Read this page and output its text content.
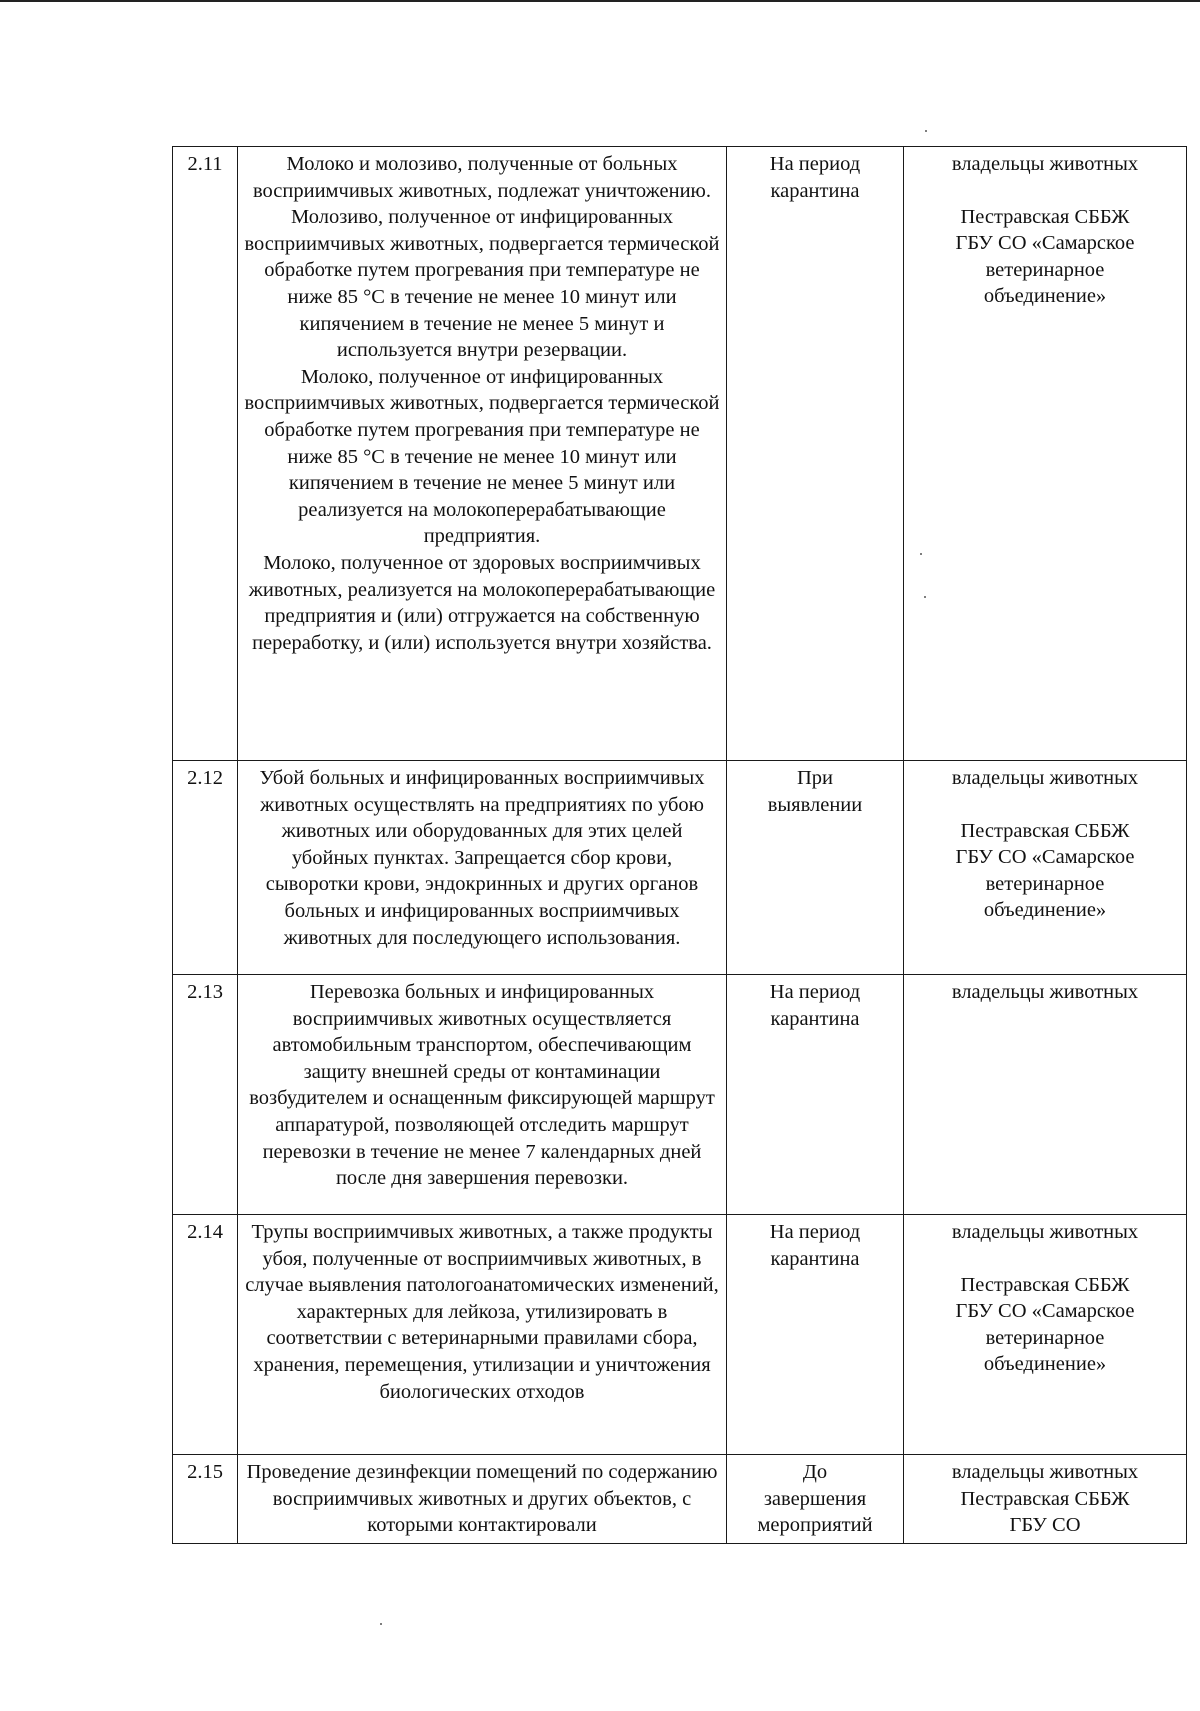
2.11	Молоко и молозиво, полученные от больных восприимчивых животных, подлежат уничтожению. Молозиво, полученное от инфицированных восприимчивых животных, подвергается термической обработке путем прогревания при температуре не ниже 85 °С в течение не менее 10 минут или кипячением в течение не менее 5 минут и используется внутри резервации.
Молоко, полученное от инфицированных восприимчивых животных, подвергается термической обработке путем прогревания при температуре не ниже 85 °С в течение не менее 10 минут или кипячением в течение не менее 5 минут или реализуется на молокоперерабатывающие предприятия.
Молоко, полученное от здоровых восприимчивых животных, реализуется на молокоперерабатывающие предприятия и (или) отгружается на собственную переработку, и (или) используется внутри хозяйства.	На период карантина	владельцы животных
Пестравская СББЖ ГБУ СО «Самарское ветеринарное объединение»

2.12	Убой больных и инфицированных восприимчивых животных осуществлять на предприятиях по убою животных или оборудованных для этих целей убойных пунктах. Запрещается сбор крови, сыворотки крови, эндокринных и других органов больных и инфицированных восприимчивых животных для последующего использования.	При выявлении	владельцы животных
Пестравская СББЖ ГБУ СО «Самарское ветеринарное объединение»

2.13	Перевозка больных и инфицированных восприимчивых животных осуществляется автомобильным транспортом, обеспечивающим защиту внешней среды от контаминации возбудителем и оснащенным фиксирующей маршрут аппаратурой, позволяющей отследить маршрут перевозки в течение не менее 7 календарных дней после дня завершения перевозки.	На период карантина	владельцы животных

2.14	Трупы восприимчивых животных, а также продукты убоя, полученные от восприимчивых животных, в случае выявления патологоанатомических изменений, характерных для лейкоза, утилизировать в соответствии с ветеринарными правилами сбора, хранения, перемещения, утилизации и уничтожения биологических отходов	На период карантина	владельцы животных
Пестравская СББЖ ГБУ СО «Самарское ветеринарное объединение»

2.15	Проведение дезинфекции помещений по содержанию восприимчивых животных и других объектов, с которыми контактировали	До завершения мероприятий	владельцы животных
Пестравская СББЖ ГБУ СО
